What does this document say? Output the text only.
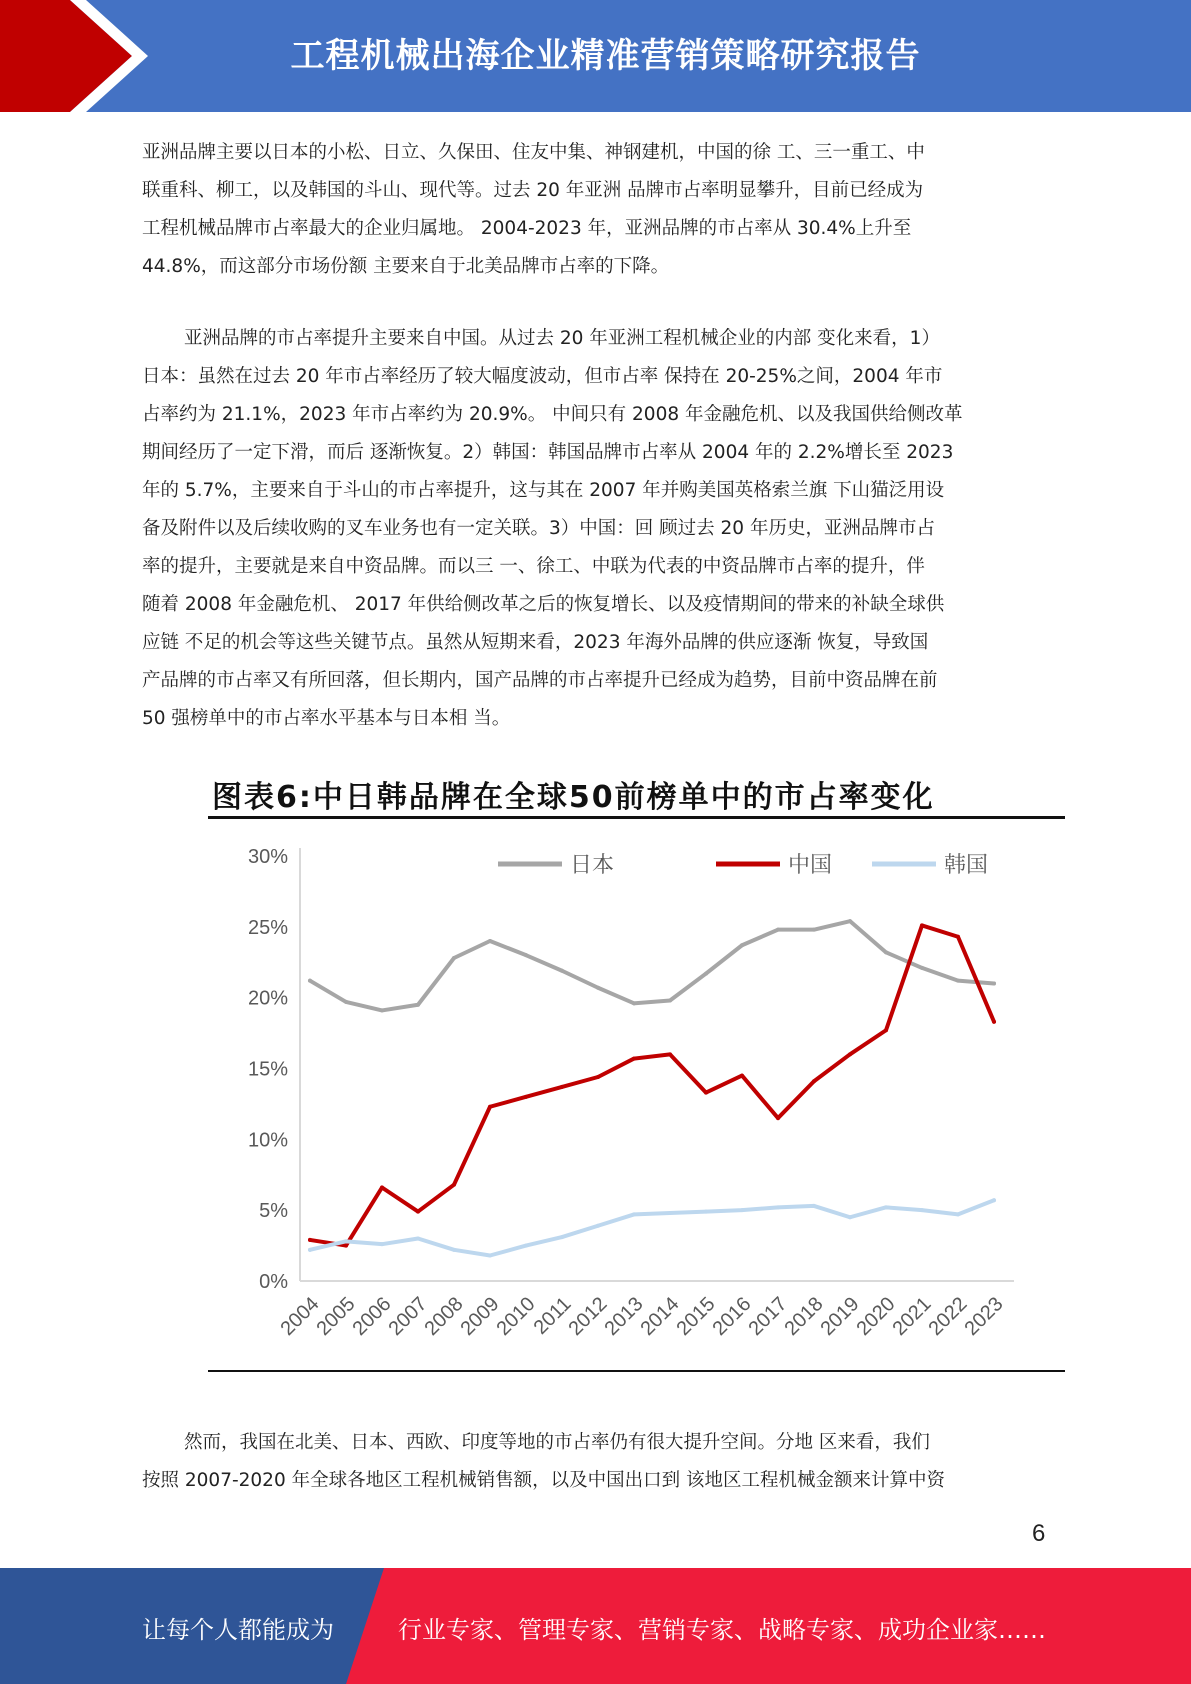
工程机械出海企业精准营销策略研究报告
亚洲品牌主要以日本的小松、日立、久保田、住友中集、神钢建机，中国的徐 工、三一重工、中
联重科、柳工，以及韩国的斗山、现代等。过去 20 年亚洲 品牌市占率明显攀升，目前已经成为
工程机械品牌市占率最大的企业归属地。 2004-2023 年，亚洲品牌的市占率从 30.4%上升至
44.8%，而这部分市场份额 主要来自于北美品牌市占率的下降。
亚洲品牌的市占率提升主要来自中国。从过去 20 年亚洲工程机械企业的内部 变化来看，1）
日本：虽然在过去 20 年市占率经历了较大幅度波动，但市占率 保持在 20-25%之间，2004 年市
占率约为 21.1%，2023 年市占率约为 20.9%。 中间只有 2008 年金融危机、以及我国供给侧改革
期间经历了一定下滑，而后 逐渐恢复。2）韩国：韩国品牌市占率从 2004 年的 2.2%增长至 2023
年的 5.7%，主要来自于斗山的市占率提升，这与其在 2007 年并购美国英格索兰旗 下山猫泛用设
备及附件以及后续收购的叉车业务也有一定关联。3）中国：回 顾过去 20 年历史，亚洲品牌市占
率的提升，主要就是来自中资品牌。而以三 一、徐工、中联为代表的中资品牌市占率的提升，伴
随着 2008 年金融危机、 2017 年供给侧改革之后的恢复增长、以及疫情期间的带来的补缺全球供
应链 不足的机会等这些关键节点。虽然从短期来看，2023 年海外品牌的供应逐渐 恢复，导致国
产品牌的市占率又有所回落，但长期内，国产品牌的市占率提升已经成为趋势，目前中资品牌在前
50 强榜单中的市占率水平基本与日本相 当。
图表6:中日韩品牌在全球50前榜单中的市占率变化
0%
5%
10%
15%
20%
25%
30%
2004
2005
2006
2007
2008
2009
2010
2011
2012
2013
2014
2015
2016
2017
2018
2019
2020
2021
2022
2023
日本	中国	韩国
然而，我国在北美、日本、西欧、印度等地的市占率仍有很大提升空间。分地 区来看，我们
按照 2007-2020 年全球各地区工程机械销售额，以及中国出口到 该地区工程机械金额来计算中资
6
让每个人都能成为	行业专家、管理专家、营销专家、战略专家、成功企业家……
